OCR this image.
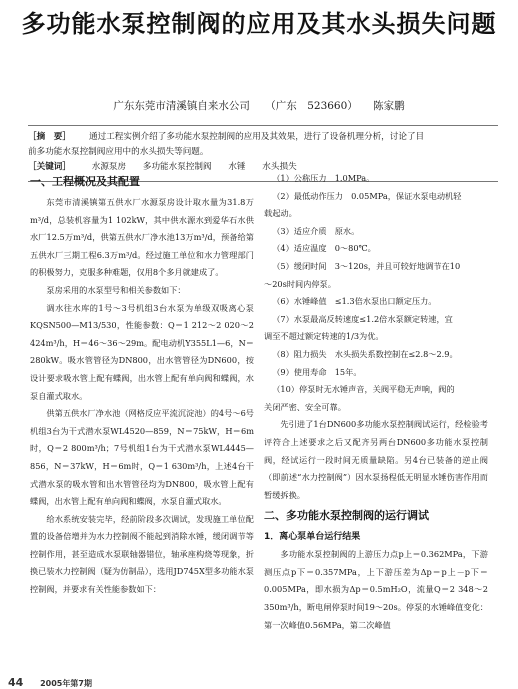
多功能水泵控制阀的应用及其水头损失问题
广东东莞市清溪镇自来水公司 （广东　523660） 陈家鹏
［摘　要］ 通过工程实例介绍了多功能水泵控制阀的应用及其效果，进行了设备机理分析，讨论了目
前多功能水泵控制阀应用中的水头损失等问题。
［关键词］ 水源泵房 多功能水泵控制阀 水锤 水头损失
一、工程概况及其配置

东莞市清溪镇第五供水厂水源泵房设计取水量为31.8万m³/d，总装机容量为1 102kW，其中供水源水到爱华石水供水厂12.5万m³/d，供第五供水厂净水池13万m³/d，预备给第五供水厂三期工程6.3万m³/d。经过施工单位和水力管理部门的积极努力，克服多种难题，仅用8个多月就建成了。

泵房采用的水泵型号和相关参数如下：

调水往水库的1号～3号机组3台水泵为单级双吸离心泵KQSN500—M13/530，性能参数：Q＝1 212～2 020～2 424m³/h，H＝46～36～29m。配电动机Y355L1—6，N＝280kW。吸水管管径为DN800，出水管管径为DN600，按设计要求吸水管上配有蝶阀，出水管上配有单向阀和蝶阀，水泵自灌式取水。

供第五供水厂净水池（网格反应平流沉淀池）的4号～6号机组3台为干式潜水泵WL4520—859，N＝75kW，H＝6m时，Q＝2 800m³/h；7号机组1台为干式潜水泵WL4445—856，N＝37kW，H＝6m时，Q＝1 630m³/h，上述4台干式潜水泵的吸水管和出水管管径均为DN800，吸水管上配有蝶阀，出水管上配有单向阀和蝶阀，水泵自灌式取水。

给水系统安装完毕，经前阶段多次调试，发现施工单位配置的设备倍增并为水力控制阀不能起到消除水锤，缓闭调节等控制作用，甚至造成水泵联轴器错位，轴承座构烧等现象，折换已装水力控制阀（疑为仿制品），选用JD745X型多功能水泵控制阀，并要求有关性能参数如下：

（1）公称压力　1.0MPa。

（2）最低动作压力　0.05MPa，保证水泵电动机轻

载起动。

（3）适应介质　原水。

（4）适应温度　0～80℃。

（5）缓闭时间　3～120s，并且可较好地调节在10

～20s时间内停泵。

（6）水锤峰值　≤1.3倍水泵出口额定压力。

（7）水泵最高反转速度≤1.2倍水泵额定转速，宜

调至不超过额定转速的1/3为优。

（8）阻力损失　水头损失系数控制在≤2.8～2.9。

（9）使用寿命　15年。

（10）停泵时无水锤声音，关阀平稳无声响，阀的

关闭严密、安全可靠。

先引进了1台DN600多功能水泵控制阀试运行，经检验考评符合上述要求之后又配齐另两台DN600多功能水泵控制阀，经试运行一段时间无质量缺陷。另4台已装备的逆止阀（即前述“水力控制阀”）因水泵扬程低无明显水锤伤害作用而暂缓拆换。

二、多功能水泵控制阀的运行调试
1．离心泵单台运行结果

多功能水泵控制阀的上游压力点p上＝0.362MPa，下游测压点p下＝0.357MPa，上下游压差为Δp＝p上－p下＝0.005MPa，即水损为Δp＝0.5mH₂O，流量Q＝2 348～2 350m³/h，断电闸停泵时间19～20s。停泵的水锤峰值变化：第一次峰值0.56MPa，第二次峰值

44 2005年第7期
